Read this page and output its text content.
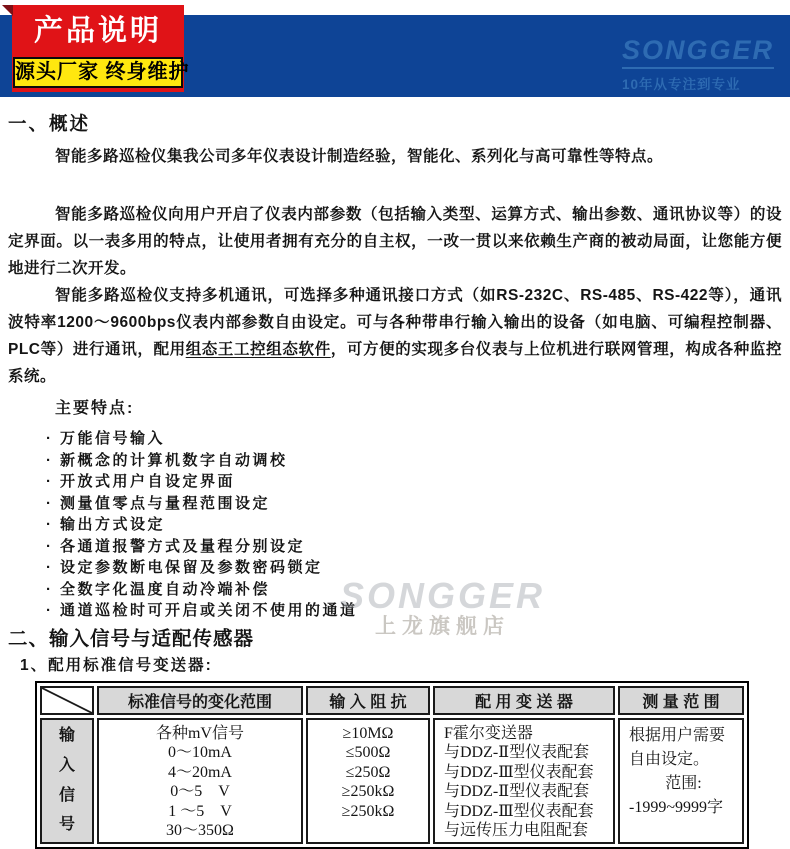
产品说明
源头厂家 终身维护
SONGGER
10年从专注到专业
一、概述

智能多路巡检仪集我公司多年仪表设计制造经验，智能化、系列化与高可靠性等特点。

智能多路巡检仪向用户开启了仪表内部参数（包括输入类型、运算方式、输出参数、通讯协议等）的设定界面。以一表多用的特点，让使用者拥有充分的自主权，一改一贯以来依赖生产商的被动局面，让您能方便地进行二次开发。

智能多路巡检仪支持多机通讯，可选择多种通讯接口方式（如RS-232C、RS-485、RS-422等），通讯波特率1200～9600bps仪表内部参数自由设定。可与各种带串行输入输出的设备（如电脑、可编程控制器、PLC等）进行通讯，配用组态王工控组态软件，可方便的实现多台仪表与上位机进行联网管理，构成各种监控系统。

主要特点:
· 万能信号输入
· 新概念的计算机数字自动调校
· 开放式用户自设定界面
· 测量值零点与量程范围设定
· 输出方式设定
· 各通道报警方式及量程分别设定
· 设定参数断电保留及参数密码锁定
· 全数字化温度自动冷端补偿
· 通道巡检时可开启或关闭不使用的通道
二、输入信号与适配传感器
1、配用标准信号变送器:
	标准信号的变化范围	输 入 阻 抗	配 用 变 送 器	测 量 范 围
输入信号	
各种mV信号
0～10mA
4～20mA
0～5　V
1 ～5　V
30～350Ω

≥10MΩ
≤500Ω
≤250Ω
≥250kΩ
≥250kΩ

F霍尔变送器
与DDZ-Ⅱ型仪表配套
与DDZ-Ⅲ型仪表配套
与DDZ-Ⅱ型仪表配套
与DDZ-Ⅲ型仪表配套
与远传压力电阻配套

根据用户需要
自由设定。
范围:
-1999~9999字
SONGGER
上龙旗舰店
